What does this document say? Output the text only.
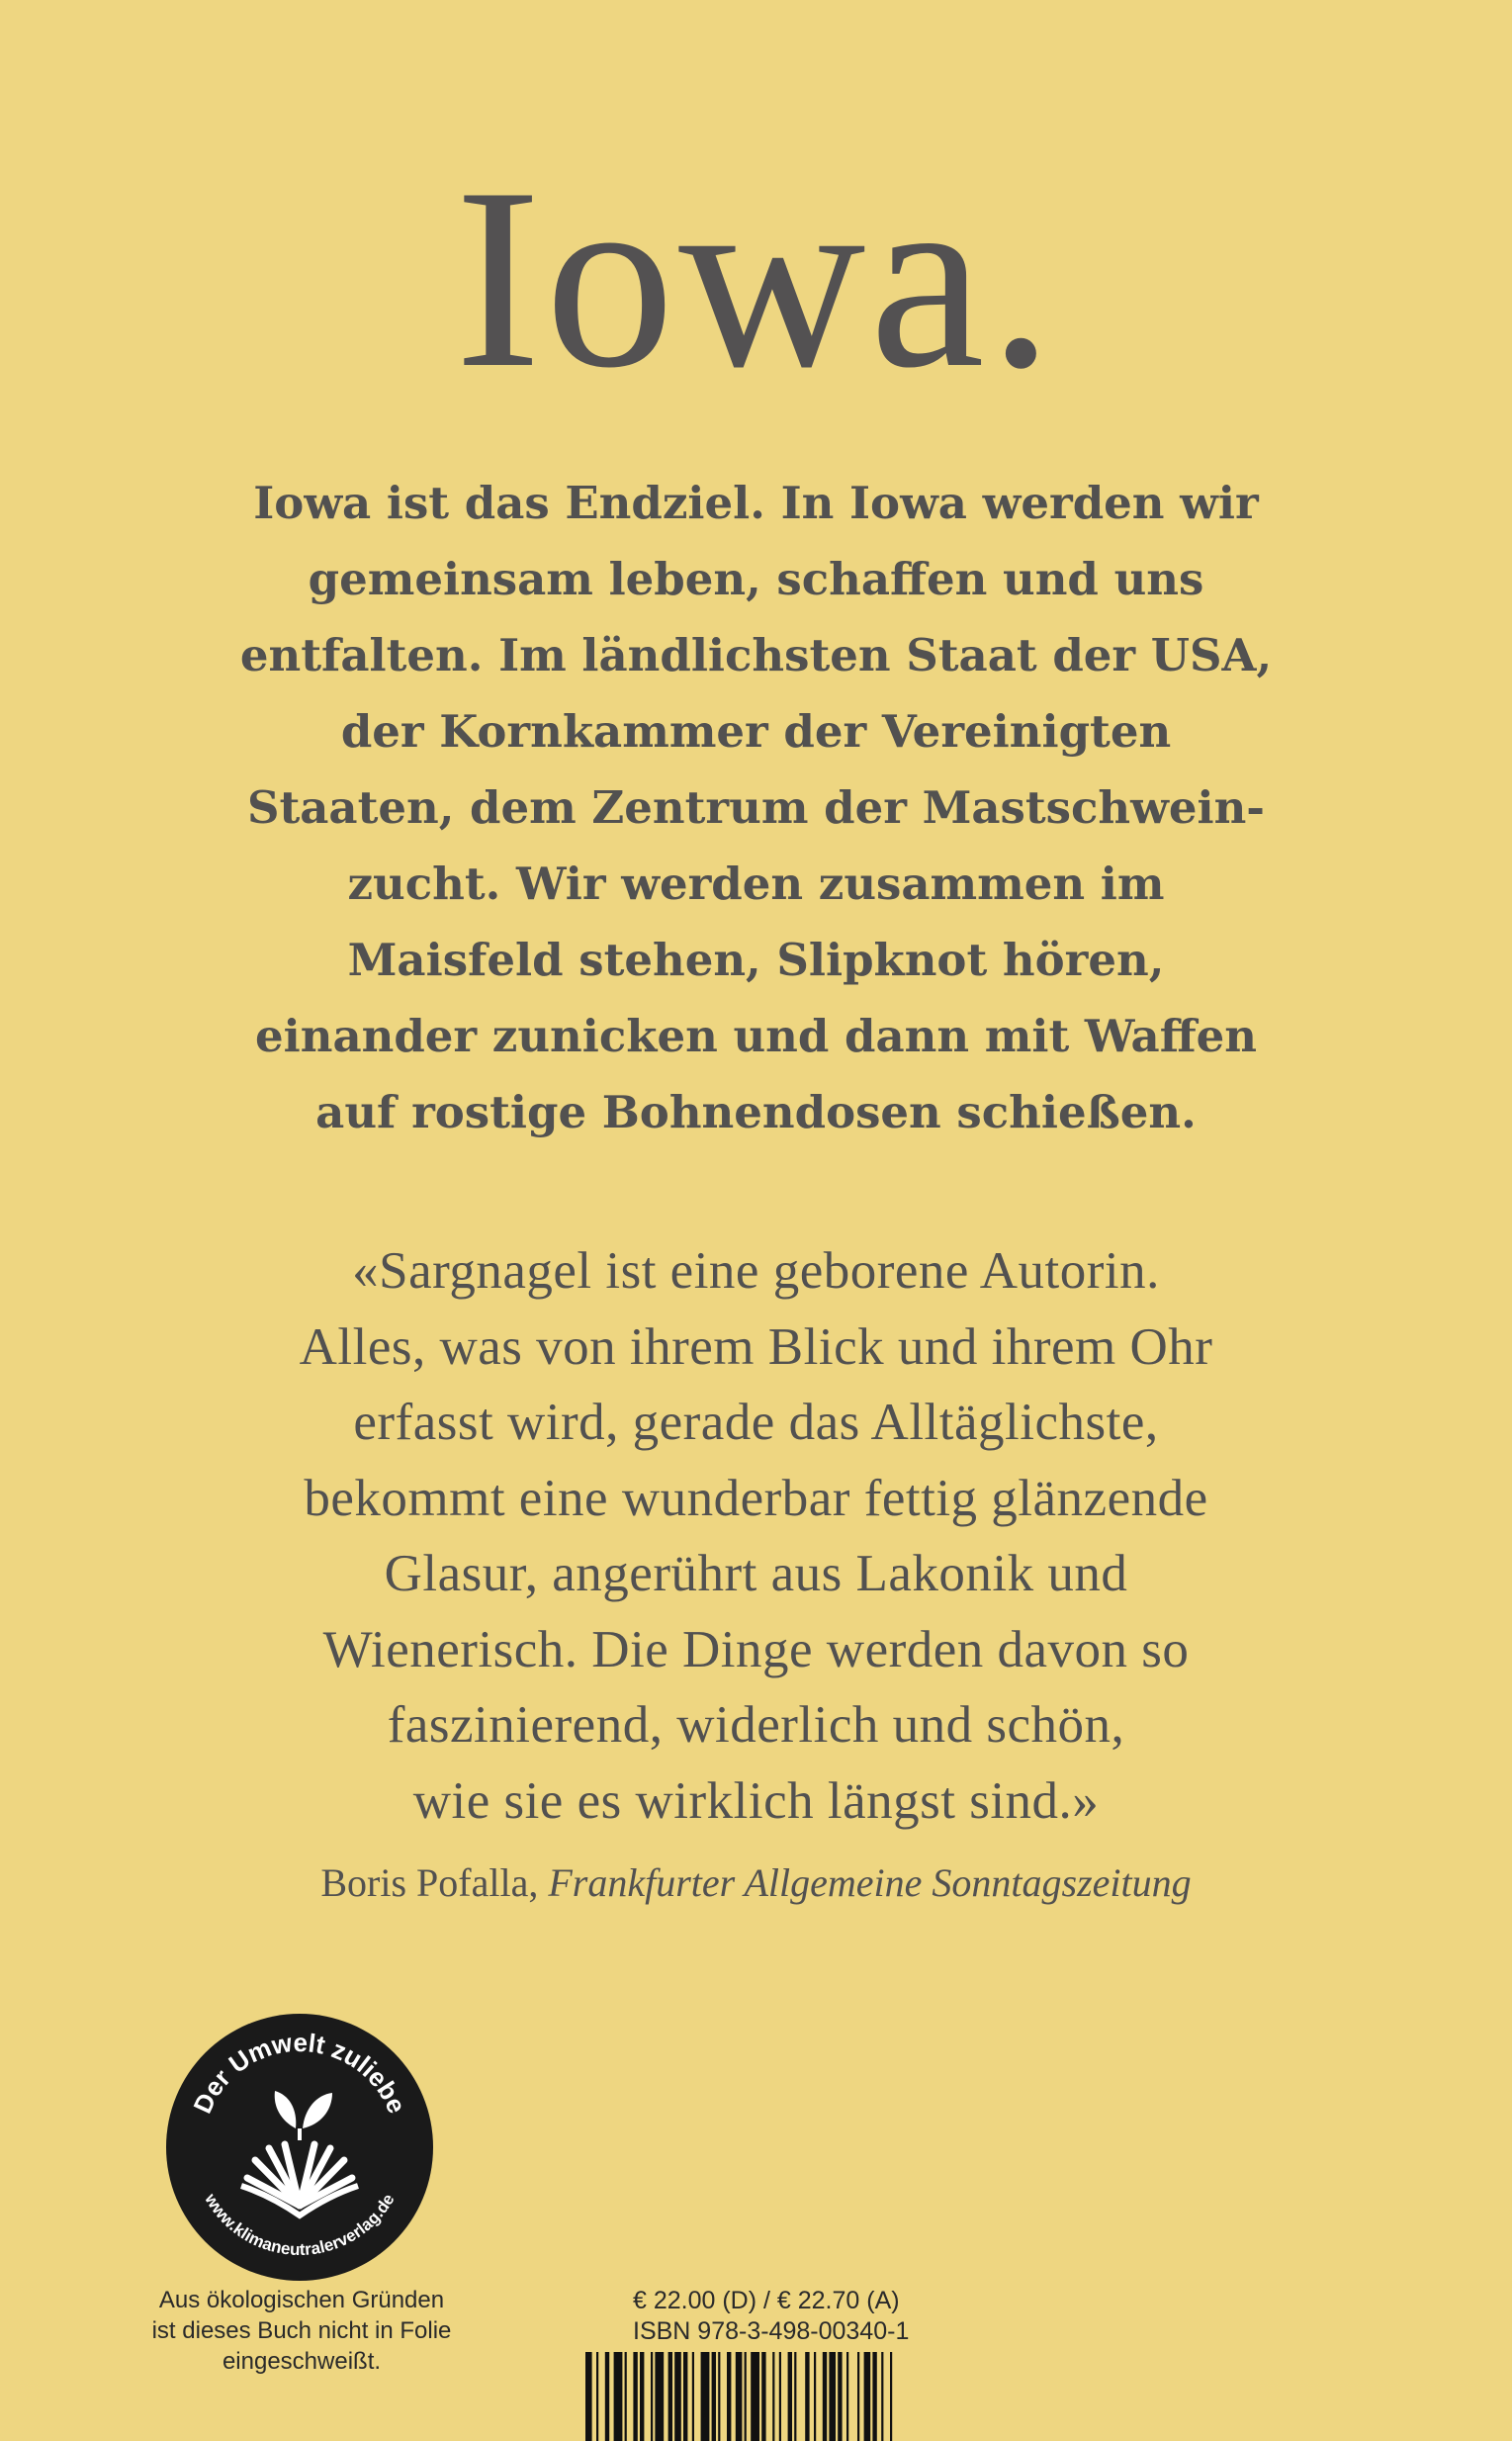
Iowa.
Iowa ist das Endziel. In Iowa werden wir
gemeinsam leben, schaffen und uns
entfalten. Im ländlichsten Staat der USA,
der Kornkammer der Vereinigten
Staaten, dem Zentrum der Mastschwein-
zucht. Wir werden zusammen im
Maisfeld stehen, Slipknot hören,
einander zunicken und dann mit Waffen
auf rostige Bohnendosen schießen.
«Sargnagel ist eine geborene Autorin.
Alles, was von ihrem Blick und ihrem Ohr
erfasst wird, gerade das Alltäglichste,
bekommt eine wunderbar fettig glänzende
Glasur, angerührt aus Lakonik und
Wienerisch. Die Dinge werden davon so
faszinierend, widerlich und schön,
wie sie es wirklich längst sind.»
Boris Pofalla, Frankfurter Allgemeine Sonntagszeitung
Der Umwelt zuliebe
www.klimaneutralerverlag.de
Aus ökologischen Gründen
ist dieses Buch nicht in Folie
eingeschweißt.
€ 22.00 (D) / € 22.70 (A)
ISBN 978-3-498-00340-1
